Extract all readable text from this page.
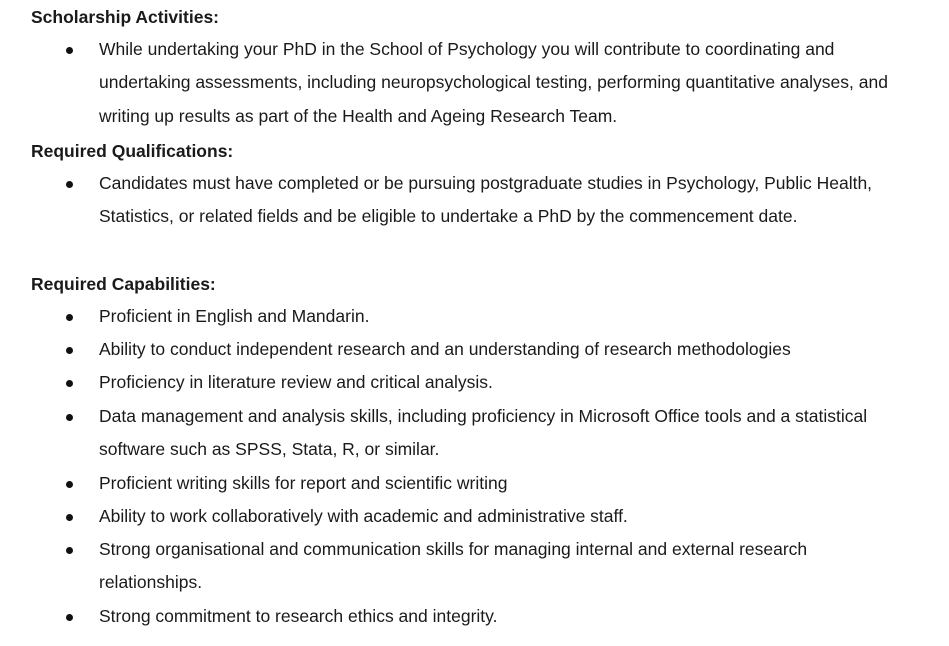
Scholarship Activities:
While undertaking your PhD in the School of Psychology you will contribute to coordinating and undertaking assessments, including neuropsychological testing, performing quantitative analyses, and writing up results as part of the Health and Ageing Research Team.
Required Qualifications:
Candidates must have completed or be pursuing postgraduate studies in Psychology, Public Health, Statistics, or related fields and be eligible to undertake a PhD by the commencement date.
Required Capabilities:
Proficient in English and Mandarin.
Ability to conduct independent research and an understanding of research methodologies
Proficiency in literature review and critical analysis.
Data management and analysis skills, including proficiency in Microsoft Office tools and a statistical software such as SPSS, Stata, R, or similar.
Proficient writing skills for report and scientific writing
Ability to work collaboratively with academic and administrative staff.
Strong organisational and communication skills for managing internal and external research relationships.
Strong commitment to research ethics and integrity.
